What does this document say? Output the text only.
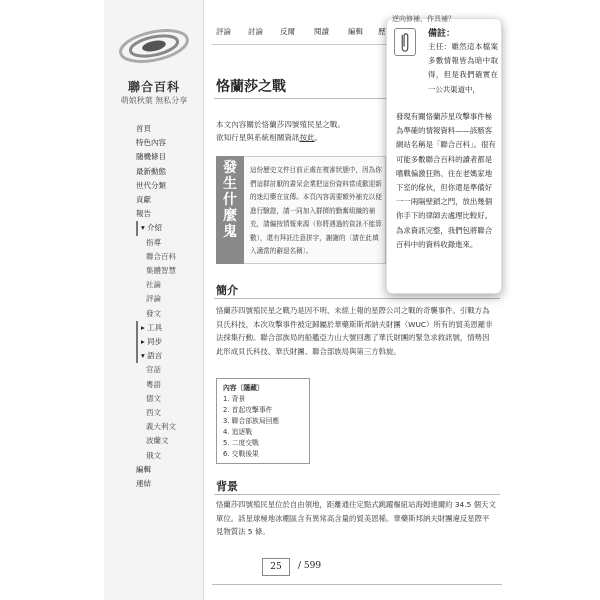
聯合百科
萌娘秋葉 無私分享
首頁
特色內容
隨機條目
最新動態
世代分類
貢獻
報告
▾ 介紹
指導
聯合百科
集體智慧
社論
評論
發文
▸ 工具
▸ 同步
▾ 語言
官話
粵語
德文
西文
義大利文
波蘭文
俄文
編輯
連結
評論 討論 反爾	閱讀	編輯 歷
恪蘭莎之戰
本文內容關於恪蘭莎四號殖民星之戰。
欲知行星與系統相關資訊按此。
發生什麼鬼
這份歷史文件目前正處在複審狀態中，因為你們這群討厭的書呆企業把這份資料當成歡迎新的迷幻藥在宣傳。本頁內容需要額外補充以便進行驗證，請一同加入群擠的勤奮組織的補充，請編按情報來源（你將遇過的資訊不能算數），還有拜託注意拼字，謝謝的〔請在此填入適當的辭退名稱〕。
簡介
恪蘭莎四號殖民星之戰乃是因不明、未經上報的星際公司之戰的奇襲事件。引戰方為貝氏科技，本次攻擊事件被定歸屬於華藥斯斯邦納夫財團（WUC）所有的貿美恩羅非法採集行動。聯合部族局的船艦亞力山大號回應了華氏財團的緊急求救訊號，情勢因此形成貝氏科技、華氏財團、聯合部族局與第三方斡旋。
內容〔隱藏〕
1. 背景
2. 首起攻擊事件
3. 聯合部族局回應
4. 追逐戰
5. 二度交戰
6. 交戰後果
背景
恪蘭莎四號殖民星位於自由領地，距離通往定點式跳躍樞紐站海姆達爾約 34.5 個天文單位。該星球極地冰棚區含有異常高含量的貿美恩稀。華藥斯邦納夫財團違反星際平見物質法 5 條。
逆向修補、作具補？
備註：
主任：雖然這本檔案多數情報皆為暗中取得，但是我們確實在一公共渠道中，
發現有關恪蘭莎星攻擊事件極為準確的情報資料——該駭客網站名稱是「聯合百科」。很有可能多數聯合百科的讀者都是嗜戰偏激狂熱、住在老媽家地下室的傢伙，但你還是準備好一一兩隔壁鎖之門，放出幾個你手下的律師去處理比較好。為求資訊完整，我們包將聯合百科中的資料收錄進來。
25	/ 599
